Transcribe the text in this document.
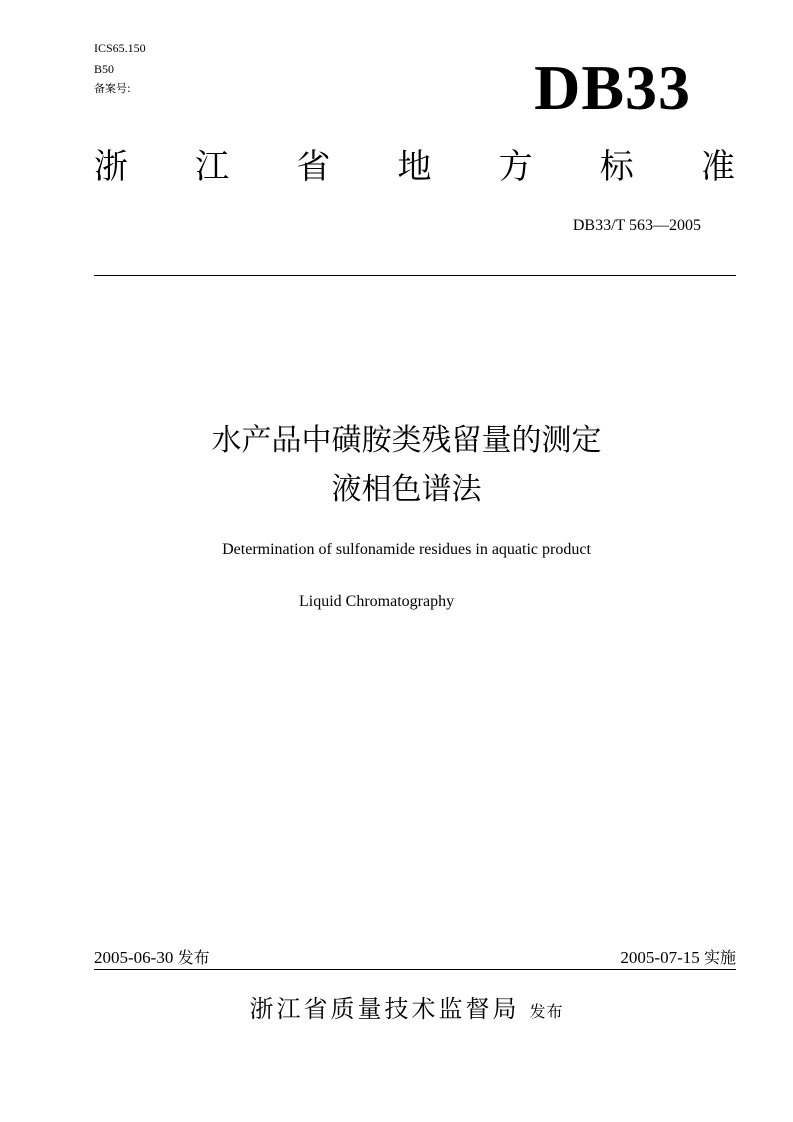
ICS65.150
B50
备案号:	DB33
浙 江 省 地 方 标 准
DB33/T 563—2005
水产品中磺胺类残留量的测定
液相色谱法
Determination of sulfonamide residues in aquatic product
Liquid Chromatography
2005-06-30 发布	2005-07-15 实施
浙江省质量技术监督局 发布
